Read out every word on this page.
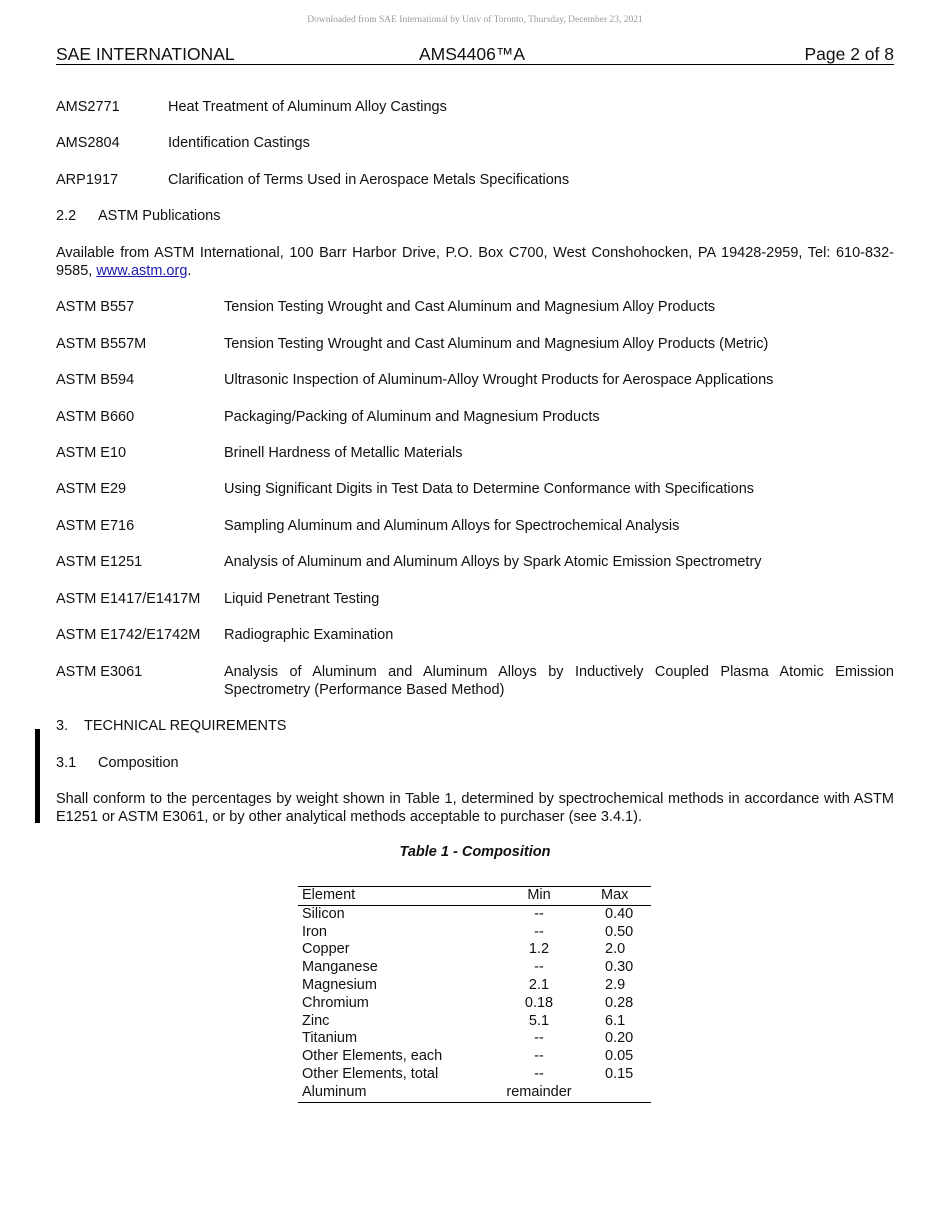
Downloaded from SAE International by Univ of Toronto, Thursday, December 23, 2021
SAE INTERNATIONAL	AMS4406™A	Page 2 of 8
AMS2771	Heat Treatment of Aluminum Alloy Castings
AMS2804	Identification Castings
ARP1917	Clarification of Terms Used in Aerospace Metals Specifications
2.2 ASTM Publications
Available from ASTM International, 100 Barr Harbor Drive, P.O. Box C700, West Conshohocken, PA 19428-2959, Tel: 610-832-9585, www.astm.org.
ASTM B557	Tension Testing Wrought and Cast Aluminum and Magnesium Alloy Products
ASTM B557M	Tension Testing Wrought and Cast Aluminum and Magnesium Alloy Products (Metric)
ASTM B594	Ultrasonic Inspection of Aluminum-Alloy Wrought Products for Aerospace Applications
ASTM B660	Packaging/Packing of Aluminum and Magnesium Products
ASTM E10	Brinell Hardness of Metallic Materials
ASTM E29	Using Significant Digits in Test Data to Determine Conformance with Specifications
ASTM E716	Sampling Aluminum and Aluminum Alloys for Spectrochemical Analysis
ASTM E1251	Analysis of Aluminum and Aluminum Alloys by Spark Atomic Emission Spectrometry
ASTM E1417/E1417M Liquid Penetrant Testing
ASTM E1742/E1742M Radiographic Examination
ASTM E3061	Analysis of Aluminum and Aluminum Alloys by Inductively Coupled Plasma Atomic Emission Spectrometry (Performance Based Method)
3. TECHNICAL REQUIREMENTS
3.1 Composition
Shall conform to the percentages by weight shown in Table 1, determined by spectrochemical methods in accordance with ASTM E1251 or ASTM E3061, or by other analytical methods acceptable to purchaser (see 3.4.1).
Table 1 - Composition
Element	Min	Max
Silicon	--	0.40
Iron	--	0.50
Copper	1.2	2.0
Manganese	--	0.30
Magnesium	2.1	2.9
Chromium	0.18	0.28
Zinc	5.1	6.1
Titanium	--	0.20
Other Elements, each	--	0.05
Other Elements, total	--	0.15
Aluminum	remainder	
